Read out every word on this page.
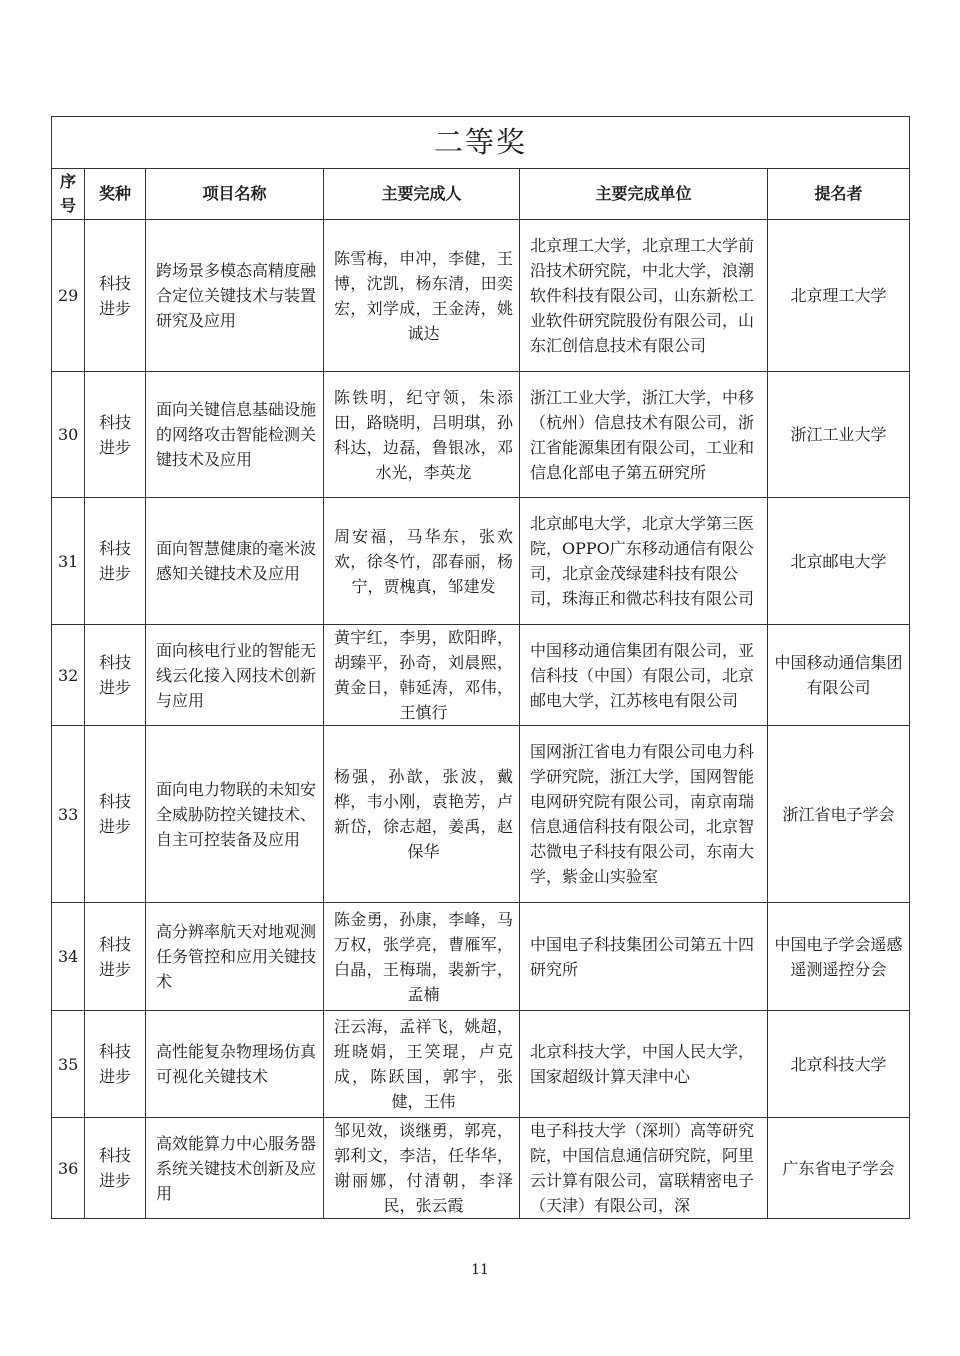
二等奖					
序号	奖种	项目名称	主要完成人	主要完成单位	提名者
29	科技进步	跨场景多模态高精度融合定位关键技术与装置研究及应用	陈雪梅，申冲，李健，王博，沈凯，杨东清，田奕宏，刘学成，王金涛，姚诚达	北京理工大学，北京理工大学前沿技术研究院，中北大学，浪潮软件科技有限公司，山东新松工业软件研究院股份有限公司，山东汇创信息技术有限公司	北京理工大学
30	科技进步	面向关键信息基础设施的网络攻击智能检测关键技术及应用	陈铁明，纪守领，朱添田，路晓明，吕明琪，孙科达，边磊，鲁银冰，邓水光，李英龙	浙江工业大学，浙江大学，中移（杭州）信息技术有限公司，浙江省能源集团有限公司，工业和信息化部电子第五研究所	浙江工业大学
31	科技进步	面向智慧健康的毫米波感知关键技术及应用	周安福，马华东，张欢欢，徐冬竹，邵春丽，杨宁，贾槐真，邹建发	北京邮电大学，北京大学第三医院，OPPO广东移动通信有限公司，北京金茂绿建科技有限公司，珠海正和微芯科技有限公司	北京邮电大学
32	科技进步	面向核电行业的智能无线云化接入网技术创新与应用	黄宇红，李男，欧阳晔，胡臻平，孙奇，刘晨熙，黄金日，韩延涛，邓伟，王慎行	中国移动通信集团有限公司，亚信科技（中国）有限公司，北京邮电大学，江苏核电有限公司	中国移动通信集团有限公司
33	科技进步	面向电力物联的未知安全威胁防控关键技术、自主可控装备及应用	杨强，孙歆，张波，戴桦，韦小刚，袁艳芳，卢新岱，徐志超，姜禹，赵保华	国网浙江省电力有限公司电力科学研究院，浙江大学，国网智能电网研究院有限公司，南京南瑞信息通信科技有限公司，北京智芯微电子科技有限公司，东南大学，紫金山实验室	浙江省电子学会
34	科技进步	高分辨率航天对地观测任务管控和应用关键技术	陈金勇，孙康，李峰，马万权，张学亮，曹雁军，白晶，王梅瑞，裴新宇，孟楠	中国电子科技集团公司第五十四研究所	中国电子学会遥感遥测遥控分会
35	科技进步	高性能复杂物理场仿真可视化关键技术	汪云海，孟祥飞，姚超，班晓娟，王笑琨，卢克成，陈跃国，郭宇，张健，王伟	北京科技大学，中国人民大学，国家超级计算天津中心	北京科技大学
36	科技进步	高效能算力中心服务器系统关键技术创新及应用	邹见效，谈继勇，郭亮，郭利文，李洁，任华华，谢丽娜，付清朝，李泽民，张云霞	电子科技大学（深圳）高等研究院，中国信息通信研究院，阿里云计算有限公司，富联精密电子（天津）有限公司，深	广东省电子学会
11
